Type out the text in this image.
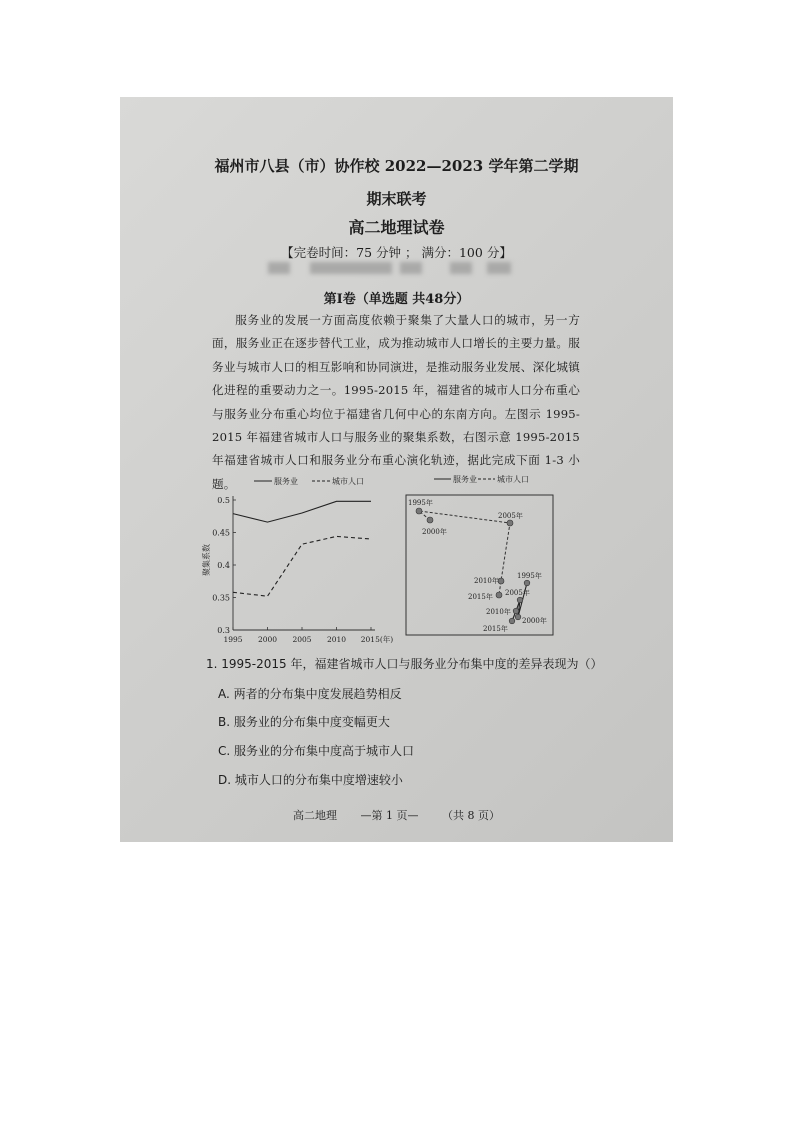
福州市八县（市）协作校 2022—2023 学年第二学期
期末联考
高二地理试卷
【完卷时间：75 分钟 ； 满分：100 分】
第Ⅰ卷（单选题 共48分）
服务业的发展一方面高度依赖于聚集了大量人口的城市，另一方面，服务业正在逐步替代工业，成为推动城市人口增长的主要力量。服务业与城市人口的相互影响和协同演进，是推动服务业发展、深化城镇化进程的重要动力之一。1995-2015 年，福建省的城市人口分布重心与服务业分布重心均位于福建省几何中心的东南方向。左图示 1995-2015 年福建省城市人口与服务业的聚集系数，右图示意 1995-2015 年福建省城市人口和服务业分布重心演化轨迹，据此完成下面 1-3 小题。
0.5
0.45
0.4
0.35
0.3
1995 2000 2005 2010 2015(年)
聚集系数
服务业	城市人口	服务业	城市人口
2000年
1995年
2005年
2010年
2015年
1995年
2000年
2005年
2010年
2015年
1. 1995-2015 年，福建省城市人口与服务业分布集中度的差异表现为（）
A. 两者的分布集中度发展趋势相反
B. 服务业的分布集中度变幅更大
C. 服务业的分布集中度高于城市人口
D. 城市人口的分布集中度增速较小
高二地理 —第 1 页— （共 8 页）
